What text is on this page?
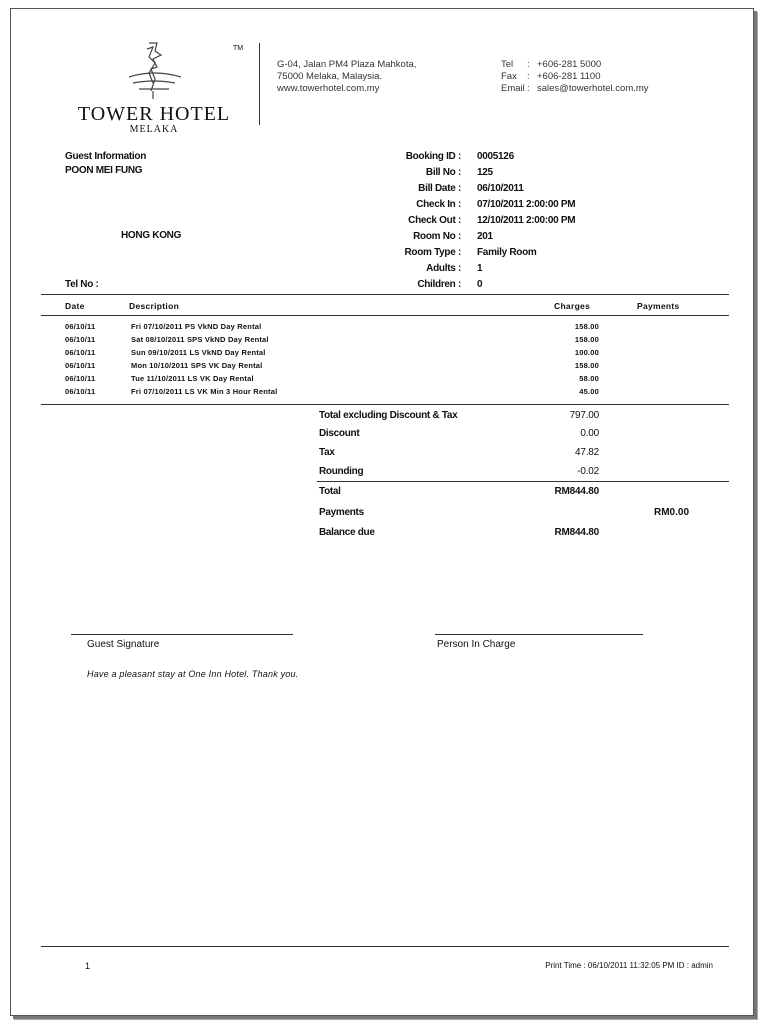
TM
TOWER HOTEL
MELAKA
G-04, Jalan PM4 Plaza Mahkota,
75000 Melaka, Malaysia.
www.towerhotel.com.my
Tel : +606-281 5000
Fax : +606-281 1100
Email : sales@towerhotel.com.my
Guest Information
POON MEI FUNG
HONG KONG
Tel No :
Booking ID : 0005126
Bill No : 125
Bill Date : 06/10/2011
Check In : 07/10/2011 2:00:00 PM
Check Out : 12/10/2011 2:00:00 PM
Room No : 201
Room Type : Family Room
Adults : 1
Children : 0
Date	Description	Charges	Payments
06/10/11	Fri 07/10/2011 PS VkND Day Rental	158.00
06/10/11	Sat 08/10/2011 SPS VkND Day Rental	158.00
06/10/11	Sun 09/10/2011 LS VkND Day Rental	100.00
06/10/11	Mon 10/10/2011 SPS VK Day Rental	158.00
06/10/11	Tue 11/10/2011 LS VK Day Rental	58.00
06/10/11	Fri 07/10/2011 LS VK Min 3 Hour Rental	45.00
Total excluding Discount & Tax	797.00
Discount	0.00
Tax	47.82
Rounding	-0.02
Total	RM844.80
Payments	RM0.00
Balance due	RM844.80
Guest Signature	Person In Charge
Have a pleasant stay at One Inn Hotel. Thank you.
1	Print Time : 06/10/2011 11:32:05 PM ID : admin
